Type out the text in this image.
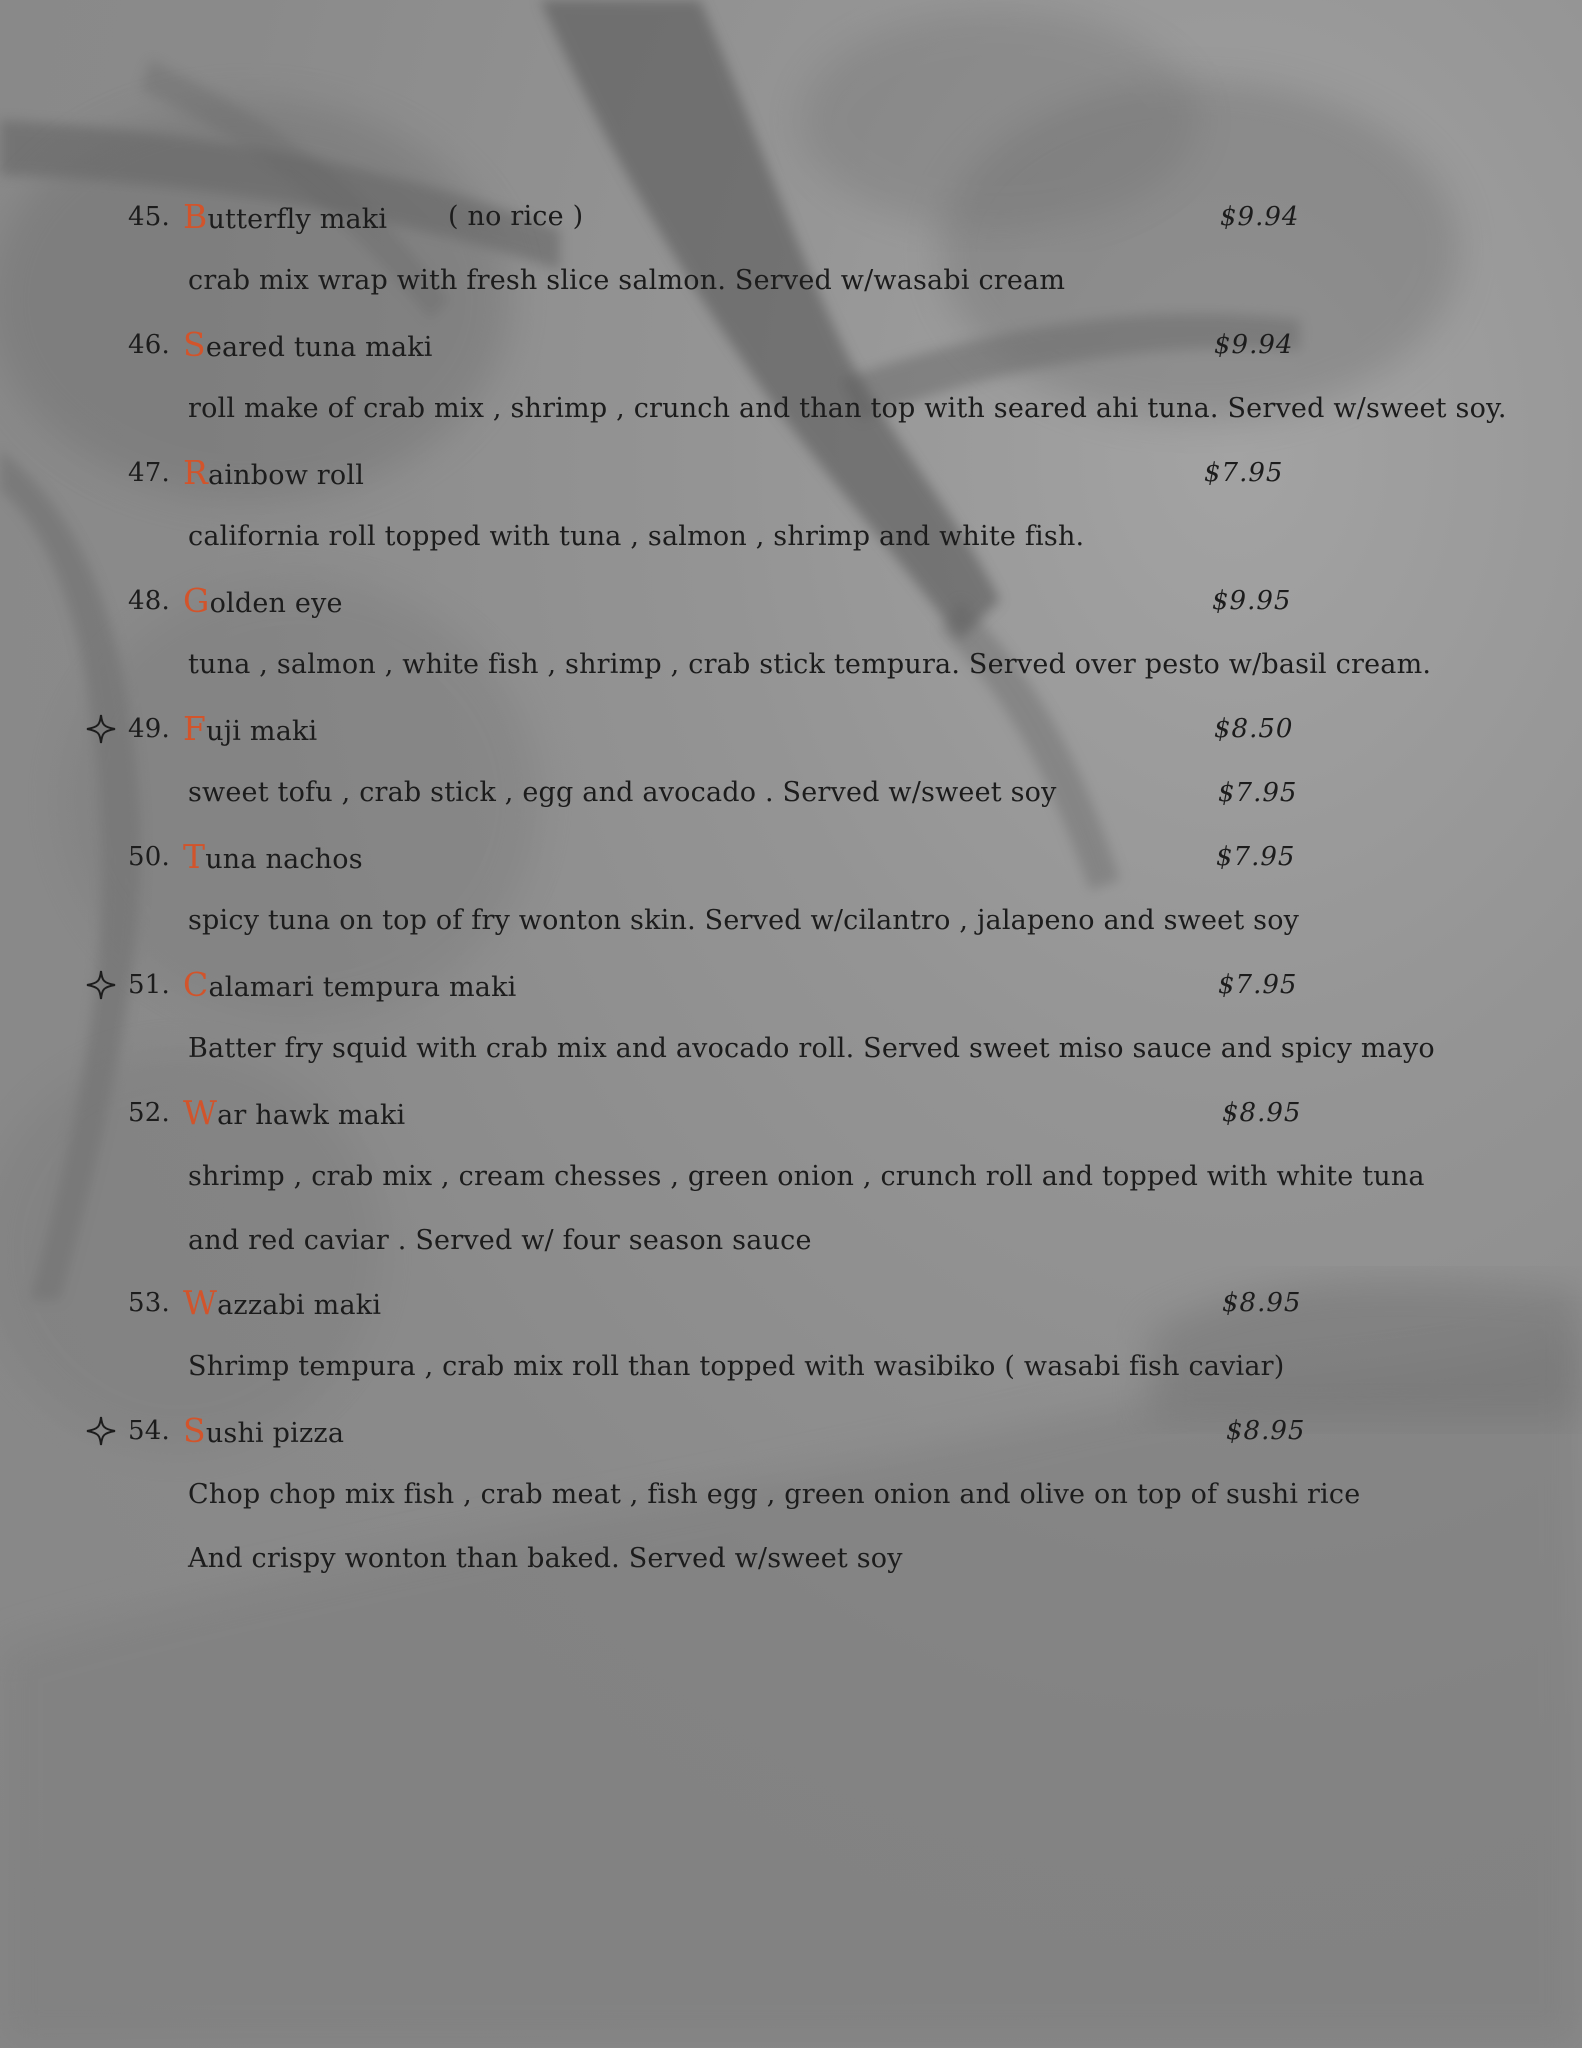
45. Butterfly maki ( no rice )	$9.94
crab mix wrap with fresh slice salmon. Served w/wasabi cream
46. Seared tuna maki	$9.94
roll make of crab mix , shrimp , crunch and than top with seared ahi tuna. Served w/sweet soy.
47. Rainbow roll	$7.95
california roll topped with tuna , salmon , shrimp and white fish.
48. Golden eye	$9.95
tuna , salmon , white fish , shrimp , crab stick tempura. Served over pesto w/basil cream.
49. Fuji maki	$8.50
sweet tofu , crab stick , egg and avocado . Served w/sweet soy	$7.95
50. Tuna nachos	$7.95
spicy tuna on top of fry wonton skin. Served w/cilantro , jalapeno and sweet soy
51. Calamari tempura maki	$7.95
Batter fry squid with crab mix and avocado roll. Served sweet miso sauce and spicy mayo
52. War hawk maki	$8.95
shrimp , crab mix , cream chesses , green onion , crunch roll and topped with white tuna
and red caviar . Served w/ four season sauce
53. Wazzabi maki	$8.95
Shrimp tempura , crab mix roll than topped with wasibiko ( wasabi fish caviar)
54. Sushi pizza	$8.95
Chop chop mix fish , crab meat , fish egg , green onion and olive on top of sushi rice
And crispy wonton than baked. Served w/sweet soy
